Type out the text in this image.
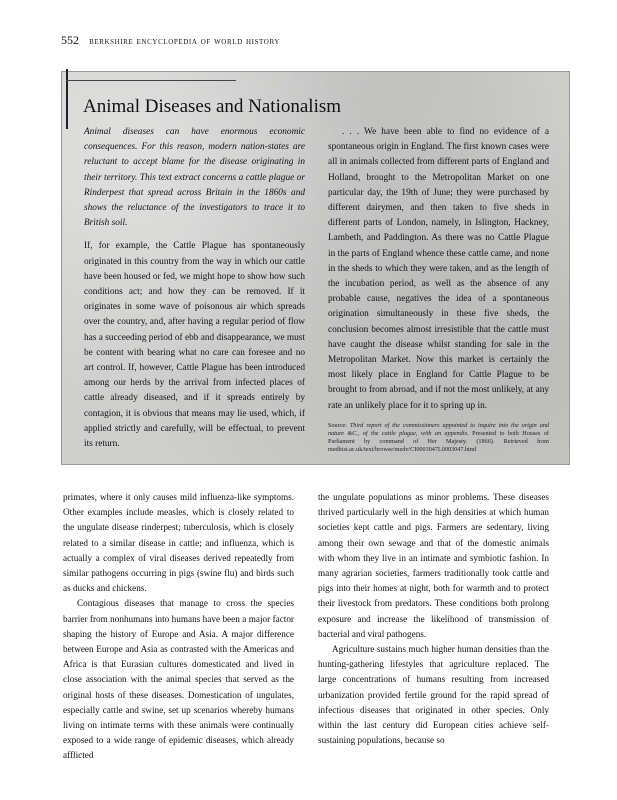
552 berkshire encyclopedia of world history
Animal Diseases and Nationalism

Animal diseases can have enormous economic consequences. For this reason, modern nation-states are reluctant to accept blame for the disease originating in their territory. This text extract concerns a cattle plague or Rinderpest that spread across Britain in the 1860s and shows the reluctance of the investigators to trace it to British soil.

If, for example, the Cattle Plague has spontaneously originated in this country from the way in which our cattle have been housed or fed, we might hope to show how such conditions act; and how they can be removed. If it originates in some wave of poisonous air which spreads over the country, and, after having a regular period of flow has a succeeding period of ebb and disappearance, we must be content with bearing what no care can foresee and no art control. If, however, Cattle Plague has been introduced among our herds by the arrival from infected places of cattle already diseased, and if it spreads entirely by contagion, it is obvious that means may lie used, which, if applied strictly and carefully, will be effectual, to prevent its return.

. . . We have been able to find no evidence of a spontaneous origin in England. The first known cases were all in animals collected from different parts of England and Holland, brought to the Metropolitan Market on one particular day, the 19th of June; they were purchased by different dairymen, and then taken to five sheds in different parts of London, namely, in Islington, Hackney, Lambeth, and Paddington. As there was no Cattle Plague in the parts of England whence these cattle came, and none in the sheds to which they were taken, and as the length of the incubation period, as well as the absence of any probable cause, negatives the idea of a spontaneous origination simultaneously in these five sheds, the conclusion becomes almost irresistible that the cattle must have caught the disease whilst standing for sale in the Metropolitan Market. Now this market is certainly the most likely place in England for Cattle Plague to be brought to from abroad, and if not the most unlikely, at any rate an unlikely place for it to spring up in.

Source: Third report of the commissioners appointed to inquire into the origin and nature &C., of the cattle plague, with an appendix. Presented to both Houses of Parliament by command of Her Majesty. (1866). Retrieved from medhist.ac.uk/text/browse/medv/CI0003047L0003047.html

primates, where it only causes mild influenza-like symptoms. Other examples include measles, which is closely related to the ungulate disease rinderpest; tuberculosis, which is closely related to a similar disease in cattle; and influenza, which is actually a complex of viral diseases derived repeatedly from similar pathogens occurring in pigs (swine flu) and birds such as ducks and chickens.

Contagious diseases that manage to cross the species barrier from nonhumans into humans have been a major factor shaping the history of Europe and Asia. A major difference between Europe and Asia as contrasted with the Americas and Africa is that Eurasian cultures domesticated and lived in close association with the animal species that served as the original hosts of these diseases. Domestication of ungulates, especially cattle and swine, set up scenarios whereby humans living on intimate terms with these animals were continually exposed to a wide range of epidemic diseases, which already afflicted

the ungulate populations as minor problems. These diseases thrived particularly well in the high densities at which human societies kept cattle and pigs. Farmers are sedentary, living among their own sewage and that of the domestic animals with whom they live in an intimate and symbiotic fashion. In many agrarian societies, farmers traditionally took cattle and pigs into their homes at night, both for warmth and to protect their livestock from predators. These conditions both prolong exposure and increase the likelihood of transmission of bacterial and viral pathogens.

Agriculture sustains much higher human densities than the hunting-gathering lifestyles that agriculture replaced. The large concentrations of humans resulting from increased urbanization provided fertile ground for the rapid spread of infectious diseases that originated in other species. Only within the last century did European cities achieve self-sustaining populations, because so
